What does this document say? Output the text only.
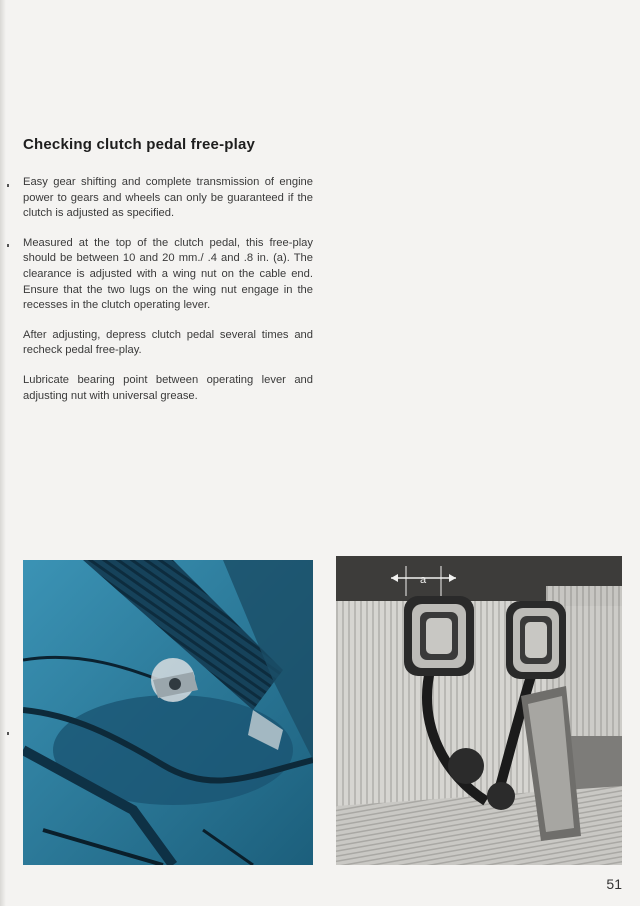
Checking clutch pedal free-play

Easy gear shifting and complete transmission of engine power to gears and wheels can only be guaranteed if the clutch is adjusted as specified.

Measured at the top of the clutch pedal, this free-play should be between 10 and 20 mm./ .4 and .8 in. (a). The clearance is adjusted with a wing nut on the cable end. Ensure that the two lugs on the wing nut engage in the recesses in the clutch operating lever.

After adjusting, depress clutch pedal several times and recheck pedal free-play.

Lubricate bearing point between operating lever and adjusting nut with universal grease.

a
51
